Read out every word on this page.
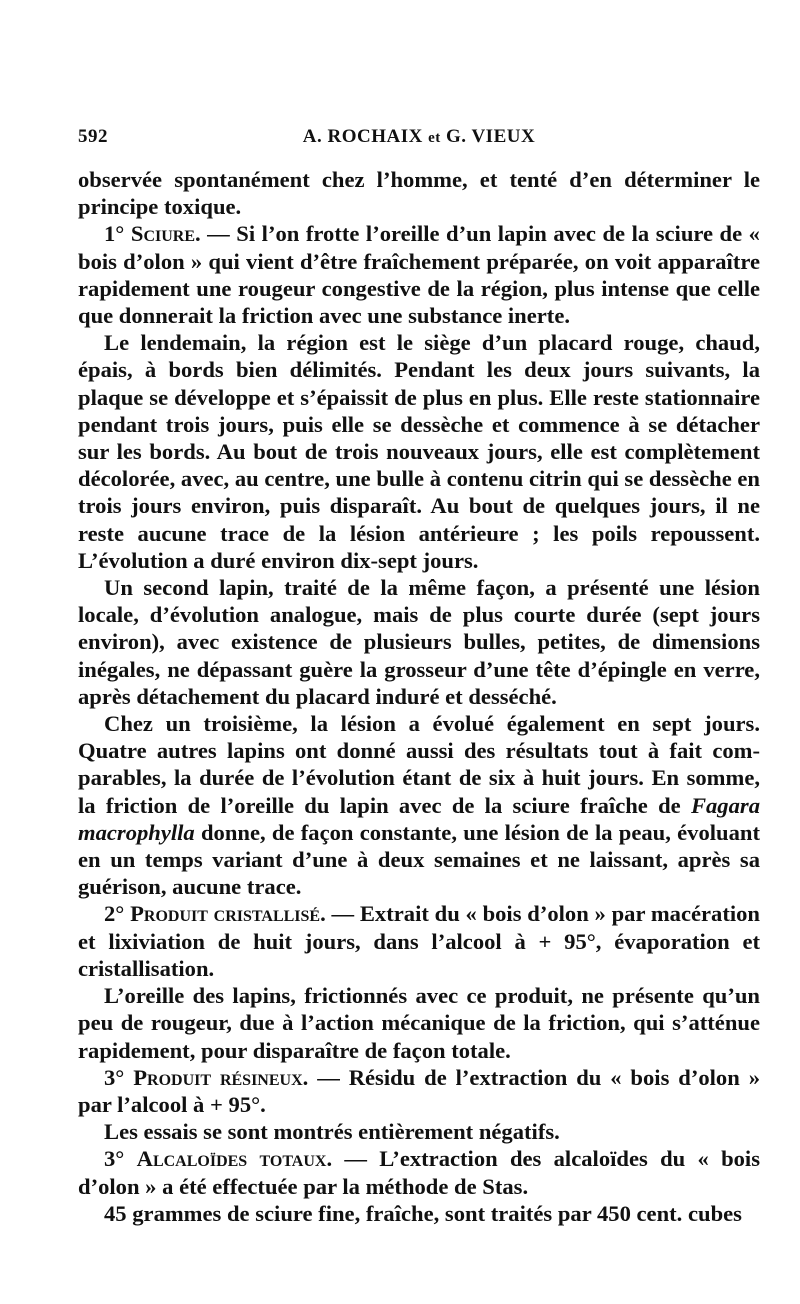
592	A. ROCHAIX et G. VIEUX

observée spontanément chez l’homme, et tenté d’en déterminer le principe toxique.

1° Sciure. — Si l’on frotte l’oreille d’un lapin avec de la sciure de « bois d’olon » qui vient d’être fraîchement préparée, on voit apparaître rapidement une rougeur congestive de la région, plus intense que celle que donnerait la friction avec une substance inerte.

Le lendemain, la région est le siège d’un placard rouge, chaud, épais, à bords bien délimités. Pendant les deux jours suivants, la plaque se développe et s’épaissit de plus en plus. Elle reste stationnaire pendant trois jours, puis elle se dessèche et commence à se détacher sur les bords. Au bout de trois nouveaux jours, elle est complètement décolorée, avec, au centre, une bulle à contenu citrin qui se dessèche en trois jours environ, puis disparaît. Au bout de quelques jours, il ne reste aucune trace de la lésion antérieure ; les poils repoussent. L’évolution a duré environ dix-sept jours.

Un second lapin, traité de la même façon, a présenté une lésion locale, d’évolution analogue, mais de plus courte durée (sept jours environ), avec existence de plusieurs bulles, petites, de dimensions inégales, ne dépassant guère la grosseur d’une tête d’épingle en verre, après détachement du placard induré et desséché.

Chez un troisième, la lésion a évolué également en sept jours. Quatre autres lapins ont donné aussi des résultats tout à fait comparables, la durée de l’évolution étant de six à huit jours. En somme, la friction de l’oreille du lapin avec de la sciure fraîche de Fagara macrophylla donne, de façon constante, une lésion de la peau, évoluant en un temps variant d’une à deux semaines et ne laissant, après sa guérison, aucune trace.

2° Produit cristallisé. — Extrait du « bois d’olon » par macération et lixiviation de huit jours, dans l’alcool à + 95°, évaporation et cristallisation.

L’oreille des lapins, frictionnés avec ce produit, ne présente qu’un peu de rougeur, due à l’action mécanique de la friction, qui s’atténue rapidement, pour disparaître de façon totale.

3° Produit résineux. — Résidu de l’extraction du « bois d’olon » par l’alcool à + 95°.

Les essais se sont montrés entièrement négatifs.

3° Alcaloïdes totaux. — L’extraction des alcaloïdes du « bois d’olon » a été effectuée par la méthode de Stas.

45 grammes de sciure fine, fraîche, sont traités par 450 cent. cubes
